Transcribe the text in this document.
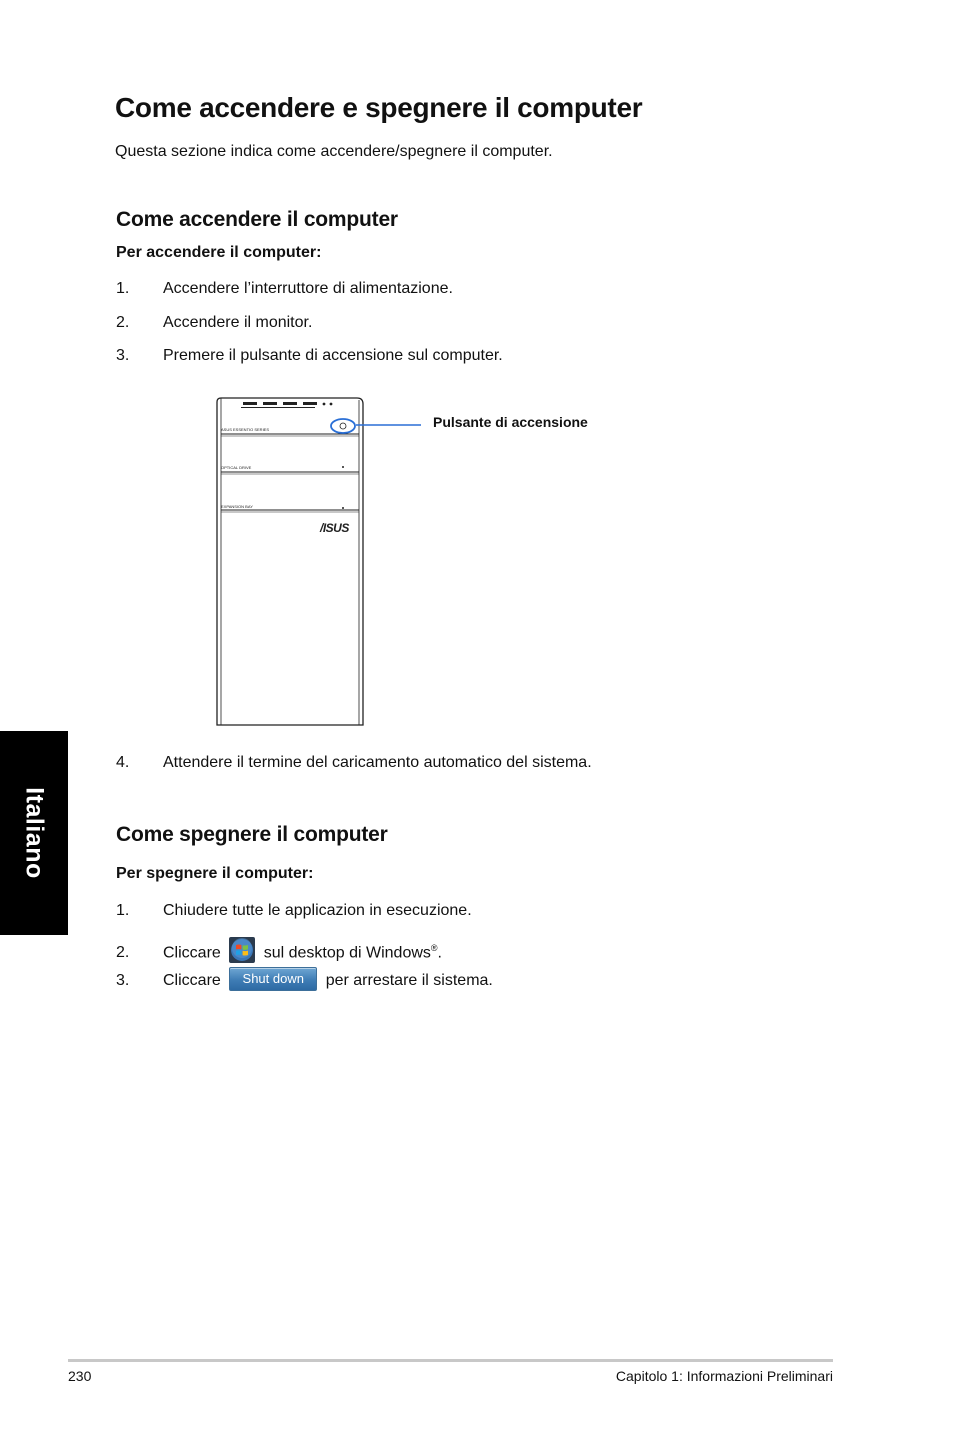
Come accendere e spegnere il computer
Questa sezione indica come accendere/spegnere il computer.
Come accendere il computer
Per accendere il computer:
1. Accendere l’interruttore di alimentazione.
2. Accendere il monitor.
3. Premere il pulsante di accensione sul computer.
ASUS ESSENTIO SERIES
OPTICAL DRIVE
EXPANSION BAY
/ISUS
Pulsante di accensione
4. Attendere il termine del caricamento automatico del sistema.
Come spegnere il computer
Per spegnere il computer:
1. Chiudere tutte le applicazion in esecuzione.
2. Cliccare	sul desktop di Windows®.
3. Cliccare Shut down per arrestare il sistema.
Italiano
230	Capitolo 1: Informazioni Preliminari
